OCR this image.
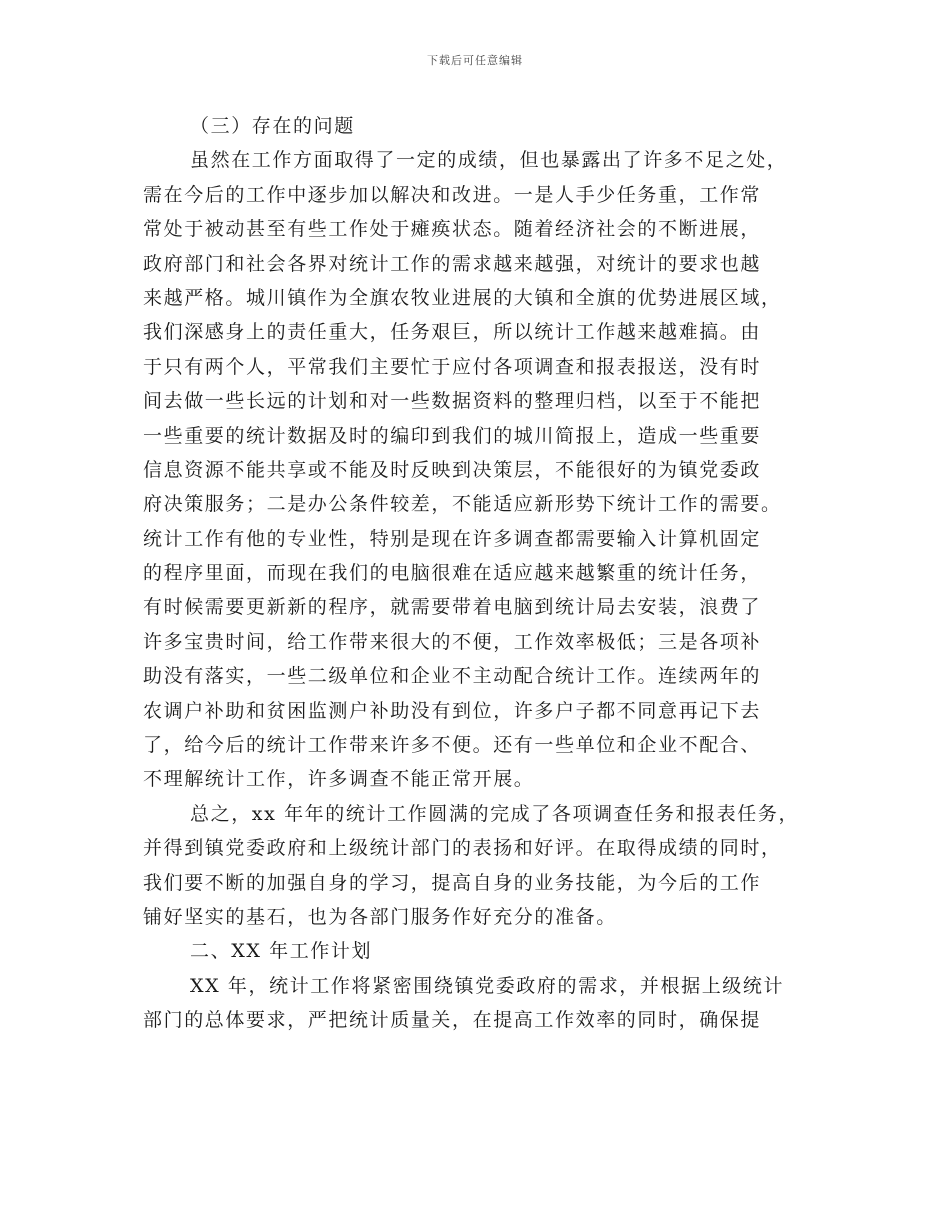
下载后可任意编辑
（三）存在的问题
虽然在工作方面取得了一定的成绩，但也暴露出了许多不足之处，
需在今后的工作中逐步加以解决和改进。一是人手少任务重，工作常
常处于被动甚至有些工作处于瘫痪状态。随着经济社会的不断进展，
政府部门和社会各界对统计工作的需求越来越强，对统计的要求也越
来越严格。城川镇作为全旗农牧业进展的大镇和全旗的优势进展区域，
我们深感身上的责任重大，任务艰巨，所以统计工作越来越难搞。由
于只有两个人，平常我们主要忙于应付各项调查和报表报送，没有时
间去做一些长远的计划和对一些数据资料的整理归档，以至于不能把
一些重要的统计数据及时的编印到我们的城川简报上，造成一些重要
信息资源不能共享或不能及时反映到决策层，不能很好的为镇党委政
府决策服务；二是办公条件较差，不能适应新形势下统计工作的需要。
统计工作有他的专业性，特别是现在许多调查都需要输入计算机固定
的程序里面，而现在我们的电脑很难在适应越来越繁重的统计任务，
有时候需要更新新的程序，就需要带着电脑到统计局去安装，浪费了
许多宝贵时间，给工作带来很大的不便，工作效率极低；三是各项补
助没有落实，一些二级单位和企业不主动配合统计工作。连续两年的
农调户补助和贫困监测户补助没有到位，许多户子都不同意再记下去
了，给今后的统计工作带来许多不便。还有一些单位和企业不配合、
不理解统计工作，许多调查不能正常开展。
总之，xx 年年的统计工作圆满的完成了各项调查任务和报表任务，
并得到镇党委政府和上级统计部门的表扬和好评。在取得成绩的同时，
我们要不断的加强自身的学习，提高自身的业务技能，为今后的工作
铺好坚实的基石，也为各部门服务作好充分的准备。
二、XX 年工作计划
XX 年，统计工作将紧密围绕镇党委政府的需求，并根据上级统计
部门的总体要求，严把统计质量关，在提高工作效率的同时，确保提
